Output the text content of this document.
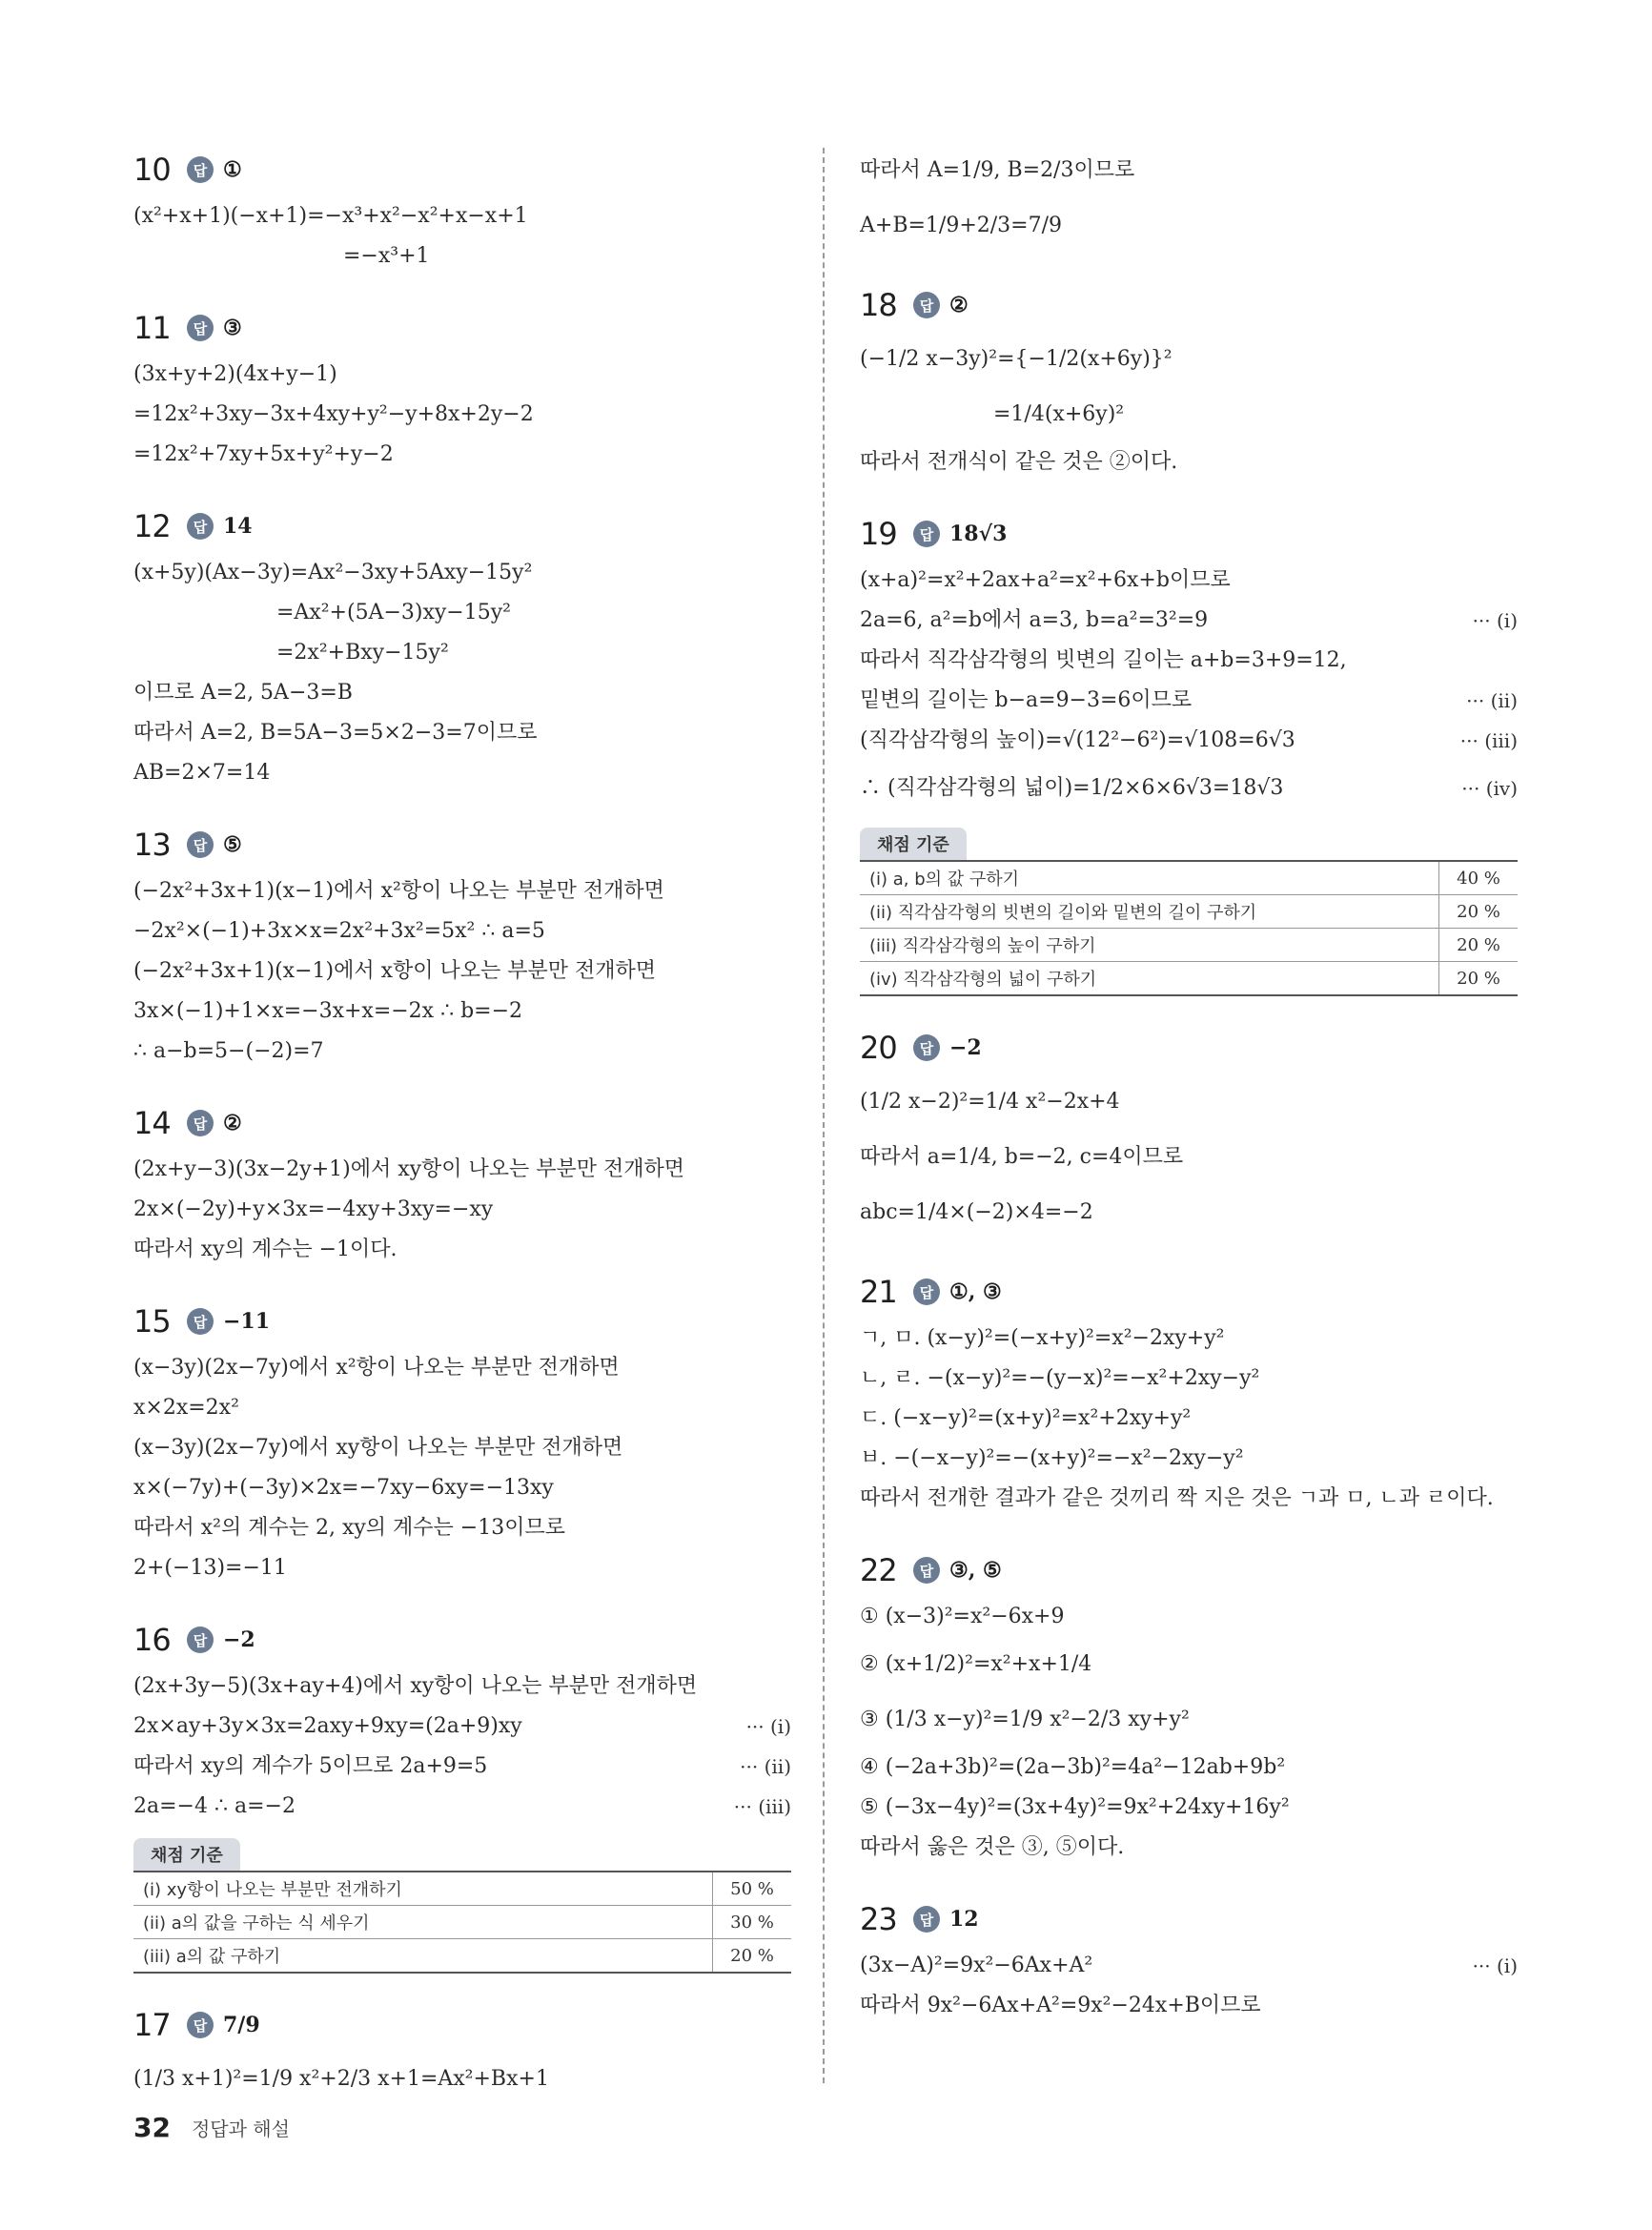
10	답 ①
(x²+x+1)(−x+1)=−x³+x²−x²+x−x+1
=−x³+1
11	답 ③
(3x+y+2)(4x+y−1)
=12x²+3xy−3x+4xy+y²−y+8x+2y−2
=12x²+7xy+5x+y²+y−2
12	답 14
(x+5y)(Ax−3y)=Ax²−3xy+5Axy−15y²
=Ax²+(5A−3)xy−15y²
=2x²+Bxy−15y²
이므로 A=2, 5A−3=B
따라서 A=2, B=5A−3=5×2−3=7이므로
AB=2×7=14
13	답 ⑤
(−2x²+3x+1)(x−1)에서 x²항이 나오는 부분만 전개하면
−2x²×(−1)+3x×x=2x²+3x²=5x² ∴ a=5
(−2x²+3x+1)(x−1)에서 x항이 나오는 부분만 전개하면
3x×(−1)+1×x=−3x+x=−2x ∴ b=−2
∴ a−b=5−(−2)=7
14	답 ②
(2x+y−3)(3x−2y+1)에서 xy항이 나오는 부분만 전개하면
2x×(−2y)+y×3x=−4xy+3xy=−xy
따라서 xy의 계수는 −1이다.
15	답 −11
(x−3y)(2x−7y)에서 x²항이 나오는 부분만 전개하면
x×2x=2x²
(x−3y)(2x−7y)에서 xy항이 나오는 부분만 전개하면
x×(−7y)+(−3y)×2x=−7xy−6xy=−13xy
따라서 x²의 계수는 2, xy의 계수는 −13이므로
2+(−13)=−11
16	답 −2
(2x+3y−5)(3x+ay+4)에서 xy항이 나오는 부분만 전개하면
2x×ay+3y×3x=2axy+9xy=(2a+9)xy	··· (i)
따라서 xy의 계수가 5이므로 2a+9=5	··· (ii)
2a=−4 ∴ a=−2	··· (iii)
채점 기준
(i) xy항이 나오는 부분만 전개하기	50 %
(ii) a의 값을 구하는 식 세우기	30 %
(iii) a의 값 구하기	20 %
17	답 7/9
(1/3 x+1)²=1/9 x²+2/3 x+1=Ax²+Bx+1
따라서 A=1/9, B=2/3이므로
A+B=1/9+2/3=7/9
18	답 ②
(−1/2 x−3y)²={−1/2(x+6y)}²
=1/4(x+6y)²
따라서 전개식이 같은 것은 ②이다.
19	답 18√3
(x+a)²=x²+2ax+a²=x²+6x+b이므로
2a=6, a²=b에서 a=3, b=a²=3²=9	··· (i)
따라서 직각삼각형의 빗변의 길이는 a+b=3+9=12,
밑변의 길이는 b−a=9−3=6이므로	··· (ii)
(직각삼각형의 높이)=√(12²−6²)=√108=6√3	··· (iii)
∴ (직각삼각형의 넓이)=1/2×6×6√3=18√3	··· (iv)
채점 기준
(i) a, b의 값 구하기	40 %
(ii) 직각삼각형의 빗변의 길이와 밑변의 길이 구하기	20 %
(iii) 직각삼각형의 높이 구하기	20 %
(iv) 직각삼각형의 넓이 구하기	20 %
20	답 −2
(1/2 x−2)²=1/4 x²−2x+4
따라서 a=1/4, b=−2, c=4이므로
abc=1/4×(−2)×4=−2
21	답 ①, ③
ㄱ, ㅁ. (x−y)²=(−x+y)²=x²−2xy+y²
ㄴ, ㄹ. −(x−y)²=−(y−x)²=−x²+2xy−y²
ㄷ. (−x−y)²=(x+y)²=x²+2xy+y²
ㅂ. −(−x−y)²=−(x+y)²=−x²−2xy−y²
따라서 전개한 결과가 같은 것끼리 짝 지은 것은 ㄱ과 ㅁ, ㄴ과 ㄹ이다.
22	답 ③, ⑤
① (x−3)²=x²−6x+9
② (x+1/2)²=x²+x+1/4
③ (1/3 x−y)²=1/9 x²−2/3 xy+y²
④ (−2a+3b)²=(2a−3b)²=4a²−12ab+9b²
⑤ (−3x−4y)²=(3x+4y)²=9x²+24xy+16y²
따라서 옳은 것은 ③, ⑤이다.
23	답 12
(3x−A)²=9x²−6Ax+A²	··· (i)
따라서 9x²−6Ax+A²=9x²−24x+B이므로
32 정답과 해설
